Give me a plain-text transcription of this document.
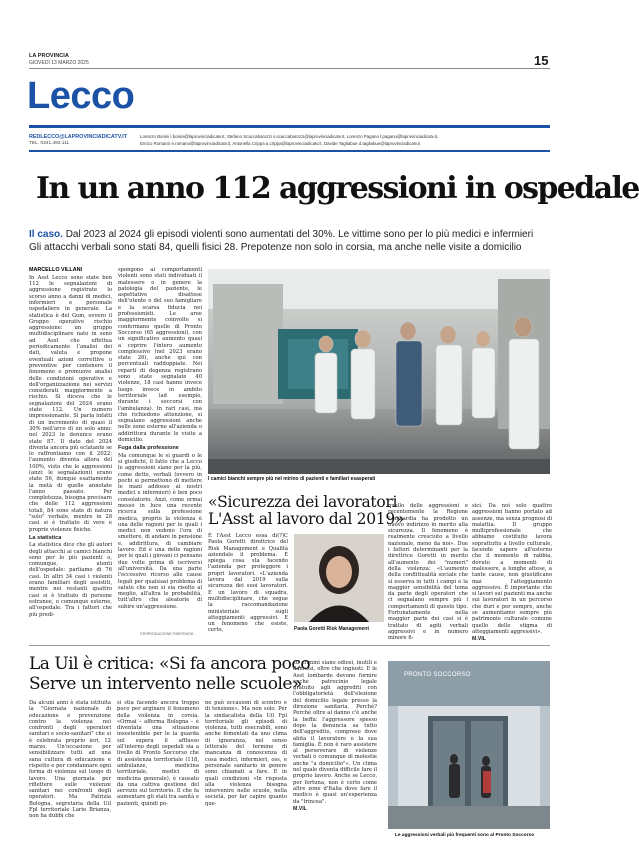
LA PROVINCIA
GIOVEDÌ 13 MARZO 2025	15
Lecco
REDLECCO@LAPROVINCIADICATV.IT
TEL. 0341.493.111
Lorenzo Bonini l.bonini@laprovinciadicatv.it, Stefano Scaccabarozzi s.scaccabarozzi@laprovinciadicatv.it, Lorenzo Pagano l.pagano@laprovinciadicatv.it,
Enrico Romanò e.romano@laprovinciadicatv.it, Antonella Crippa a.crippa@laprovinciadicatv.it, Davide Tagliabue d.tagliabue@laprovinciadicatv.it
In un anno 112 aggressioni in ospedale
Il caso. Dal 2023 al 2024 gli episodi violenti sono aumentati del 30%. Le vittime sono per lo più medici e infermieri
Gli attacchi verbali sono stati 84, quelli fisici 28. Prepotenze non solo in corsia, ma anche nelle visite a domicilio
MARCELLO VILLANI

In Asst Lecco sono state ben 112 le segnalazioni di aggressione registrate lo scorso anno a danni di medici, infermieri e personale ospedaliero in generale. La statistica è del Gom, ovvero il Gruppo operativo rischio aggressione: un gruppo multidisciplinare nato in seno ad Asst che effettua periodicamente l'analisi dei dati, valuta e propone eventuali azioni correttive o preventive per contenere il fenomeno e promuove analisi delle condizioni operative e dell'organizzazione nei servizi considerati maggiormente a rischio. Si diceva che le segnalazioni del 2024 erano state 112. Un numero impressionante. Si parla infatti di un incremento di quasi il 30% nell'arco di un solo anno: nel 2023 le denunce erano state 87. Il dato del 2024 diventa ancora più eclatante se lo raffrontiamo con il 2022: l'aumento diventa allora del 100%, visto che le aggressioni (anzi: le segnalazioni) erano state 56, dunque esattamente la metà di quelle annotate l'anno passato. Per completezza, bisogna precisare che delle 112 aggressioni totali, 84 sono state di natura "solo" verbale, mentre in 28 casi si è trattato di vere e proprie violenze fisiche.

La statistica

La statistica dice che gli autori degli attacchi ai camici bianchi sono per lo più pazienti o, comunque, utenti dell'ospedale: parliamo di 76 casi. In altri 34 casi i violenti erano familiari degli assistiti, mentre nei restanti quattro casi si è trattato di persone estranee, o comunque esterne, all'ospedale. Tra i fattori che più predi-

spongono ai comportamenti violenti sono stati individuati il malessere o in genere la patologia del paziente, le aspettative disattese dell'utente o del suo famigliare e la scarsa fiducia nei professionisti. Le aree maggiormente coinvolte si confermano quelle di Pronto Soccorso (65 aggressioni), con un significativo aumento quasi a coprire l'intero aumento complessivo (nel 2023 erano state 26), anche qui con percentuali raddoppiate. Nei reparti di degenza registrano sono state segnalate 40 violenze, 18 casi hanno invece luogo invece in ambito territoriale (ad esempio, durante i soccorsi con l'ambulanza). In rari casi, ma che richiedono attenzione, si segnalano aggressioni anche nelle zone esterne all'azienda o addirittura durante le visite a domicilio.

Fuga dalla professione

Ma comunque le si guardi o le si giudichi, il fatto che a Lecco le aggressioni siano per la più, come detto, verbali (ovvero in pochi si permettono di mettere le mani addosso ai nostri medici e infermieri) è ben poco consolatorio. Anzi, come ormai messo in luce una recente ricerca sulla professione medica, proprio la violenza è una delle ragioni per le quali i medici non vedono l'ora di smettere, di andare in pensione e, addirittura, di cambiare lavoro. Ed è una delle ragioni per le quali i giovani ci pensano due volte prima di iscriversi all'università. Da una parte l'eccessivo ricorso alle cause legali per qualsiasi problema di salute che non si sia risolto al meglio, all'altra le probabilità, tutt'altro che aleatorie di subire un'aggressione.

©RIPRODUZIONE RISERVATA
I camici bianchi sempre più nel mirino di pazienti e familiari esasperati
«Sicurezza dei lavoratori
L'Asst al lavoro dal 2019»

È l'Asst Lecco essa di(?)C Paola Goretti direttrice del Risk Management e Qualità aziendale il problema. E spiega cosa sta facendo l'azienda per proteggere i propri lavoratori. «L'azienda lavora dal 2019 sulla sicurezza dei suoi lavoratori. E un lavoro di squadra, multidisciplinare, che segue la raccomandazione ministeriale sugli atteggiamenti aggressivi. E un fenomeno che esiste, certo,	Paola Goretti Risk Management

quello delle aggressioni e recentemente la Regione Lombardia ha prodotto un nuovo indirizzo in merito alla sicurezza. Il fenomeno è realmente cresciuto a livello nazionale, meno da noi». Due i fattori determinanti per la direttrice Goretti in merito all'aumento dei "numeri" della violenza: «L'aumento della conflittualità sociale che si esserva in tutti i campi e la maggior sensibilità del tema da parte degli operatori che ci segnalano sempre più i comportamenti di questo tipo. Fortunatamente nella maggior parte dei casi si è trattato di agiti verbali aggressivi e in numero minore fi-

sici. Da noi solo quattro aggressioni hanno portato ad assenze, ma senza prognosi di malattia. Il gruppo multiprofessionale che abbiamo costituito lavora soprattutto a livello culturale, facendo sapere all'esterno che il momento di rabbia, dovuto a momenti di malessere, a lunghe attese, a tante cause, non giustificano mai l'atteggiamento aggressivo. È importante che si lavori sui pazienti ma anche sui lavoratori in un percorso che duri e per sempre, anche se aumentiamo sempre più patrimonio culturale comune quello delle stigma di atteggiamenti aggressivi».

M.VIL
La Uil è critica: «Si fa ancora poco
Serve un intervento nelle scuole»

Da alcuni anni è stata istituita la "Giornata nazionale di educazione e prevenzione contro la violenza nei confronti degli operatori sanitari e socio-sanitari" che si è celebrata proprio ieri, 12 marzo. Un'occasione per sensibilizzare tutti ad una sana cultura di educazione e rispetto e per condannare ogni forma di violenza sul luogo di lavoro. Una giornata per riflettere sulle violenze sanitari nei confronti degli operatori. Ma Patrizia Bologna, segretaria della Uil Fpl territoriale Lario Brianza, non ha dubbi che

si stia facendo ancora troppo poco per arginare il fenomeno della violenza in corsia. «Ormai – afferma Bologna – è diventata una situazione insostenibile per le la guarda sul supera il afflusso all'interno degli ospedali sia a livello di Pronto Soccorso che di assistenza territoriale (118, ambulanze, medicina territoriale, medici di medicina generale), è causato da una cattiva gestione del servizio sul territorio. Il che fa aumentare gli stati tra sanità e pazienti, quindi po-

ne può occasioni di scontro e di tensione». Ma non solo. Per la sindacalista della Uil Fpl territoriale gli episodi di violenza, tutti esecrabili, sono anche fomentati da uno clima di ignoranza, nel senso letterale del termine di mancanza di conoscenza di cosa medici, infermieri, oss, e personale sanitario in genere sono chiamati a fare. E in quali condizioni «In risposta alla violenza bisogna intervenire nelle scuole, nella società, per far capire quanto que-

sti crimini siano odiosi, inutili e dannosi, oltre che ingiusti. E le Asst lombarde devono fornire anche patrocinio legale gratuito agli aggrediti con l'obbligatorietà dell'elezione del domicilio legale presso la direzione sanitaria. Perché? Perché oltre al danno c'è anche la beffa: l'aggressore spesso dopo la denuncia sa tutto dell'aggredito, compreso dove abita il lavoratore e la sua famiglia. È non è raro assistere al perseverare di violenze verbali o comunque di molestie anche "a domicilio"». Un clima nel quale diventa difficile fare il proprio lavoro. Anche se Lecco, per fortuna, non è certo come altre zone d'Italia dove fare il medico è quasi un'esperienza da "trincea".

M.VIL
PRONTO SOCCORSO
Le aggressioni verbali più frequenti sono al Pronto Soccorso
